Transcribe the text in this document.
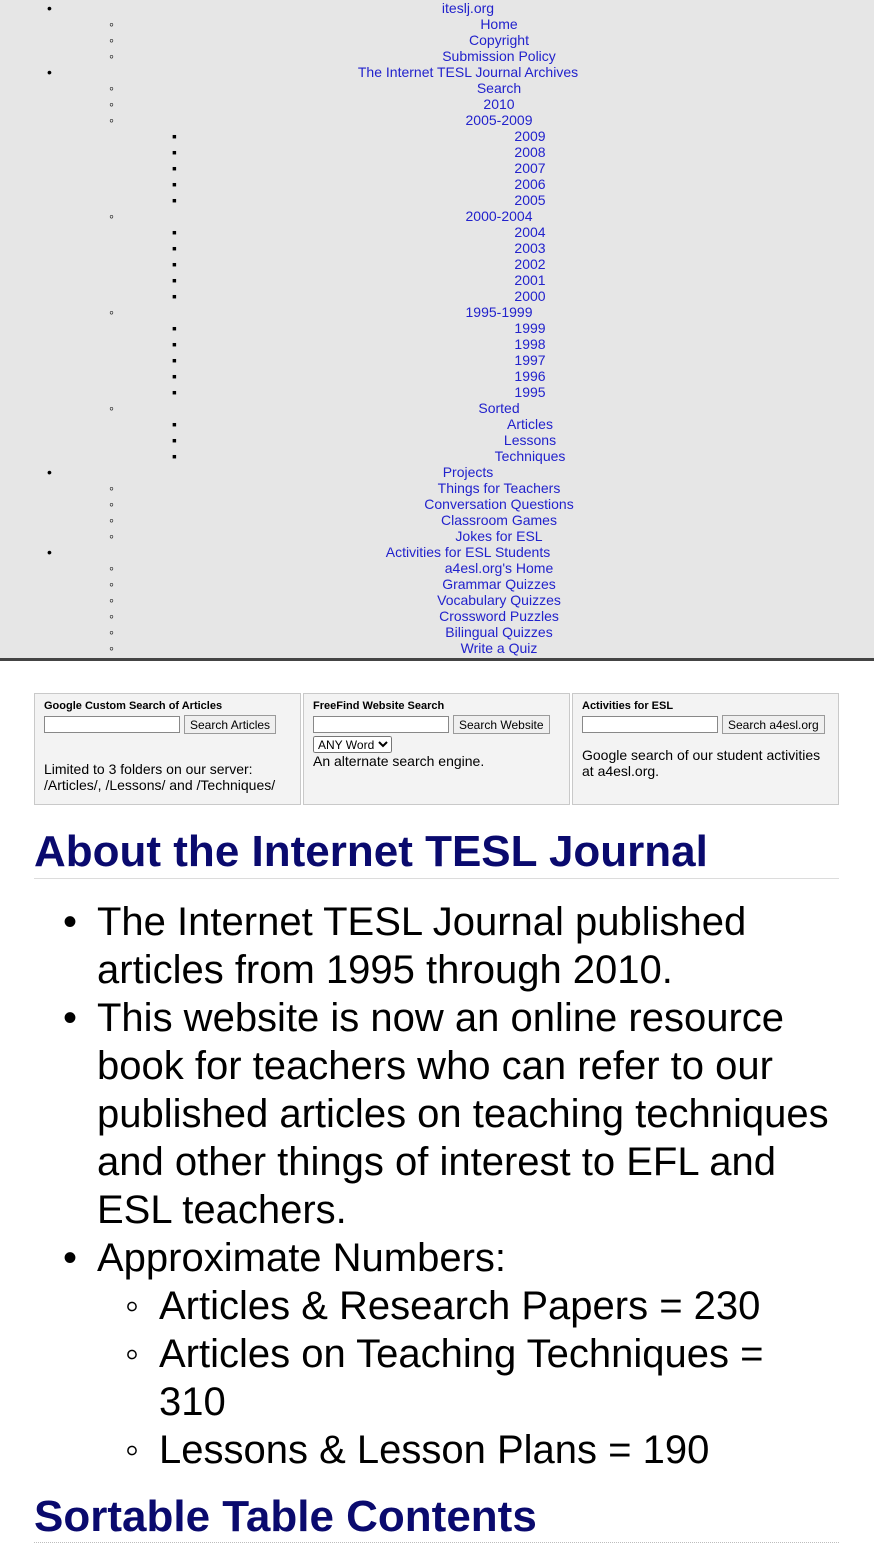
•	iteslj.org
◦	Home
◦	Copyright
◦	Submission Policy
•	The Internet TESL Journal Archives
◦	Search
◦	2010
◦	2005-2009
▪	2009
▪	2008
▪	2007
▪	2006
▪	2005
◦	2000-2004
▪	2004
▪	2003
▪	2002
▪	2001
▪	2000
◦	1995-1999
▪	1999
▪	1998
▪	1997
▪	1996
▪	1995
◦	Sorted
▪	Articles
▪	Lessons
▪	Techniques
•	Projects
◦	Things for Teachers
◦	Conversation Questions
◦	Classroom Games
◦	Jokes for ESL
•	Activities for ESL Students
◦	a4esl.org's Home
◦	Grammar Quizzes
◦	Vocabulary Quizzes
◦	Crossword Puzzles
◦	Bilingual Quizzes
◦	Write a Quiz
Google Custom Search of Articles
Search Articles

Limited to 3 folders on our server: /Articles/, /Lessons/ and /Techniques/

FreeFind Website Search
Search Website

ANY Word

An alternate search engine.

Activities for ESL
Search a4esl.org

Google search of our student activities at a4esl.org.

About the Internet TESL Journal
• The Internet TESL Journal published articles from 1995 through 2010.
• This website is now an online resource book for teachers who can refer to our published articles on teaching techniques and other things of interest to EFL and ESL teachers.
• Approximate Numbers:
◦ Articles & Research Papers = 230
◦ Articles on Teaching Techniques = 310
◦ Lessons & Lesson Plans = 190
Sortable Table Contents
